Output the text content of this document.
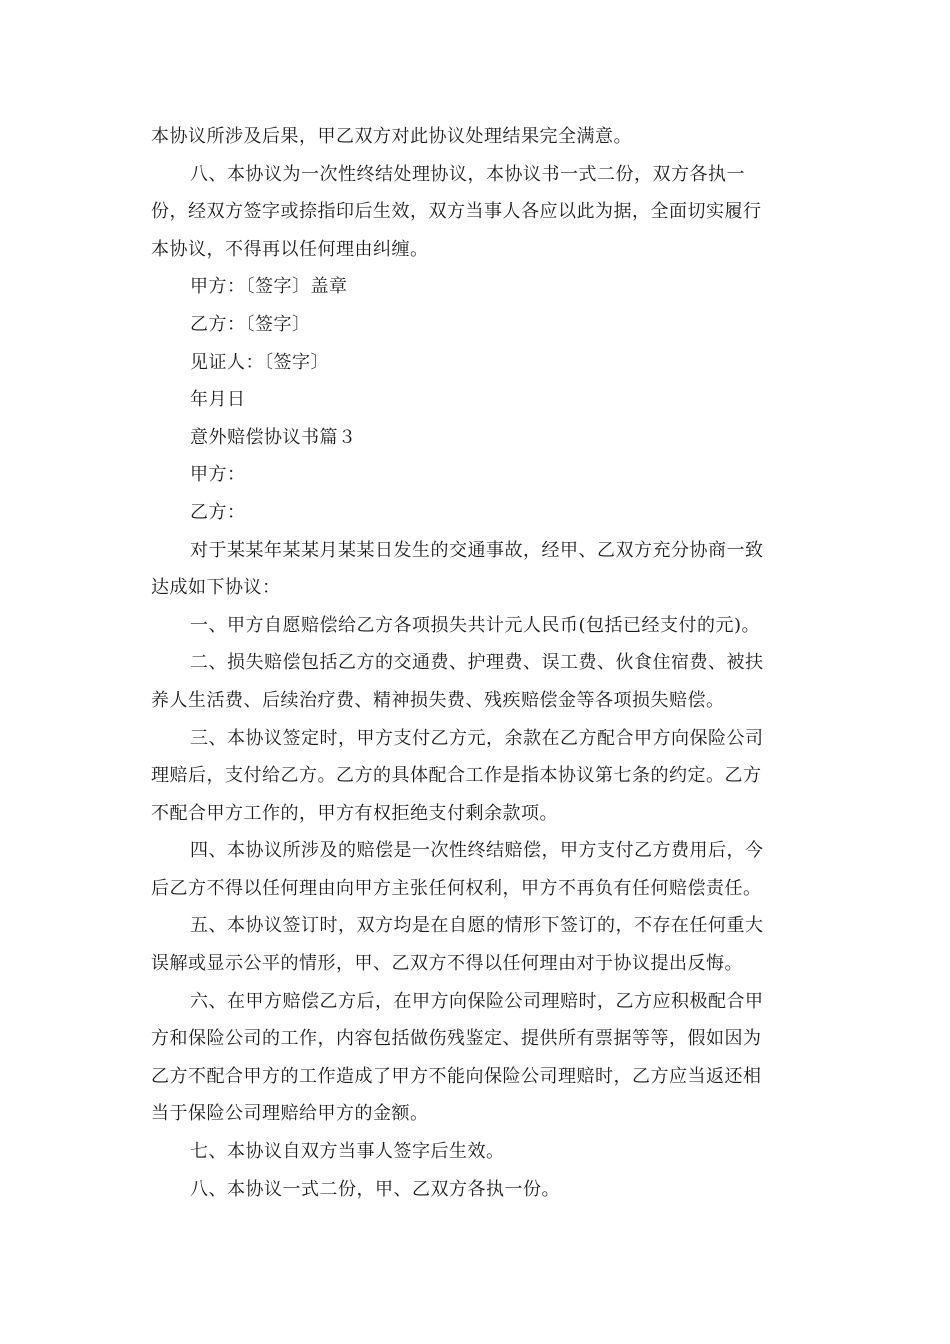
本协议所涉及后果，甲乙双方对此协议处理结果完全满意。
八、本协议为一次性终结处理协议，本协议书一式二份，双方各执一
份，经双方签字或捺指印后生效，双方当事人各应以此为据，全面切实履行
本协议，不得再以任何理由纠缠。
甲方：〔签字〕盖章
乙方：〔签字〕
见证人：〔签字〕
年月日
意外赔偿协议书篇３
甲方：
乙方：
对于某某年某某月某某日发生的交通事故，经甲、乙双方充分协商一致
达成如下协议：
一、甲方自愿赔偿给乙方各项损失共计元人民币(包括已经支付的元)。
二、损失赔偿包括乙方的交通费、护理费、误工费、伙食住宿费、被扶
养人生活费、后续治疗费、精神损失费、残疾赔偿金等各项损失赔偿。
三、本协议签定时，甲方支付乙方元，余款在乙方配合甲方向保险公司
理赔后，支付给乙方。乙方的具体配合工作是指本协议第七条的约定。乙方
不配合甲方工作的，甲方有权拒绝支付剩余款项。
四、本协议所涉及的赔偿是一次性终结赔偿，甲方支付乙方费用后，今
后乙方不得以任何理由向甲方主张任何权利，甲方不再负有任何赔偿责任。
五、本协议签订时，双方均是在自愿的情形下签订的，不存在任何重大
误解或显示公平的情形，甲、乙双方不得以任何理由对于协议提出反悔。
六、在甲方赔偿乙方后，在甲方向保险公司理赔时，乙方应积极配合甲
方和保险公司的工作，内容包括做伤残鉴定、提供所有票据等等，假如因为
乙方不配合甲方的工作造成了甲方不能向保险公司理赔时，乙方应当返还相
当于保险公司理赔给甲方的金额。
七、本协议自双方当事人签字后生效。
八、本协议一式二份，甲、乙双方各执一份。
